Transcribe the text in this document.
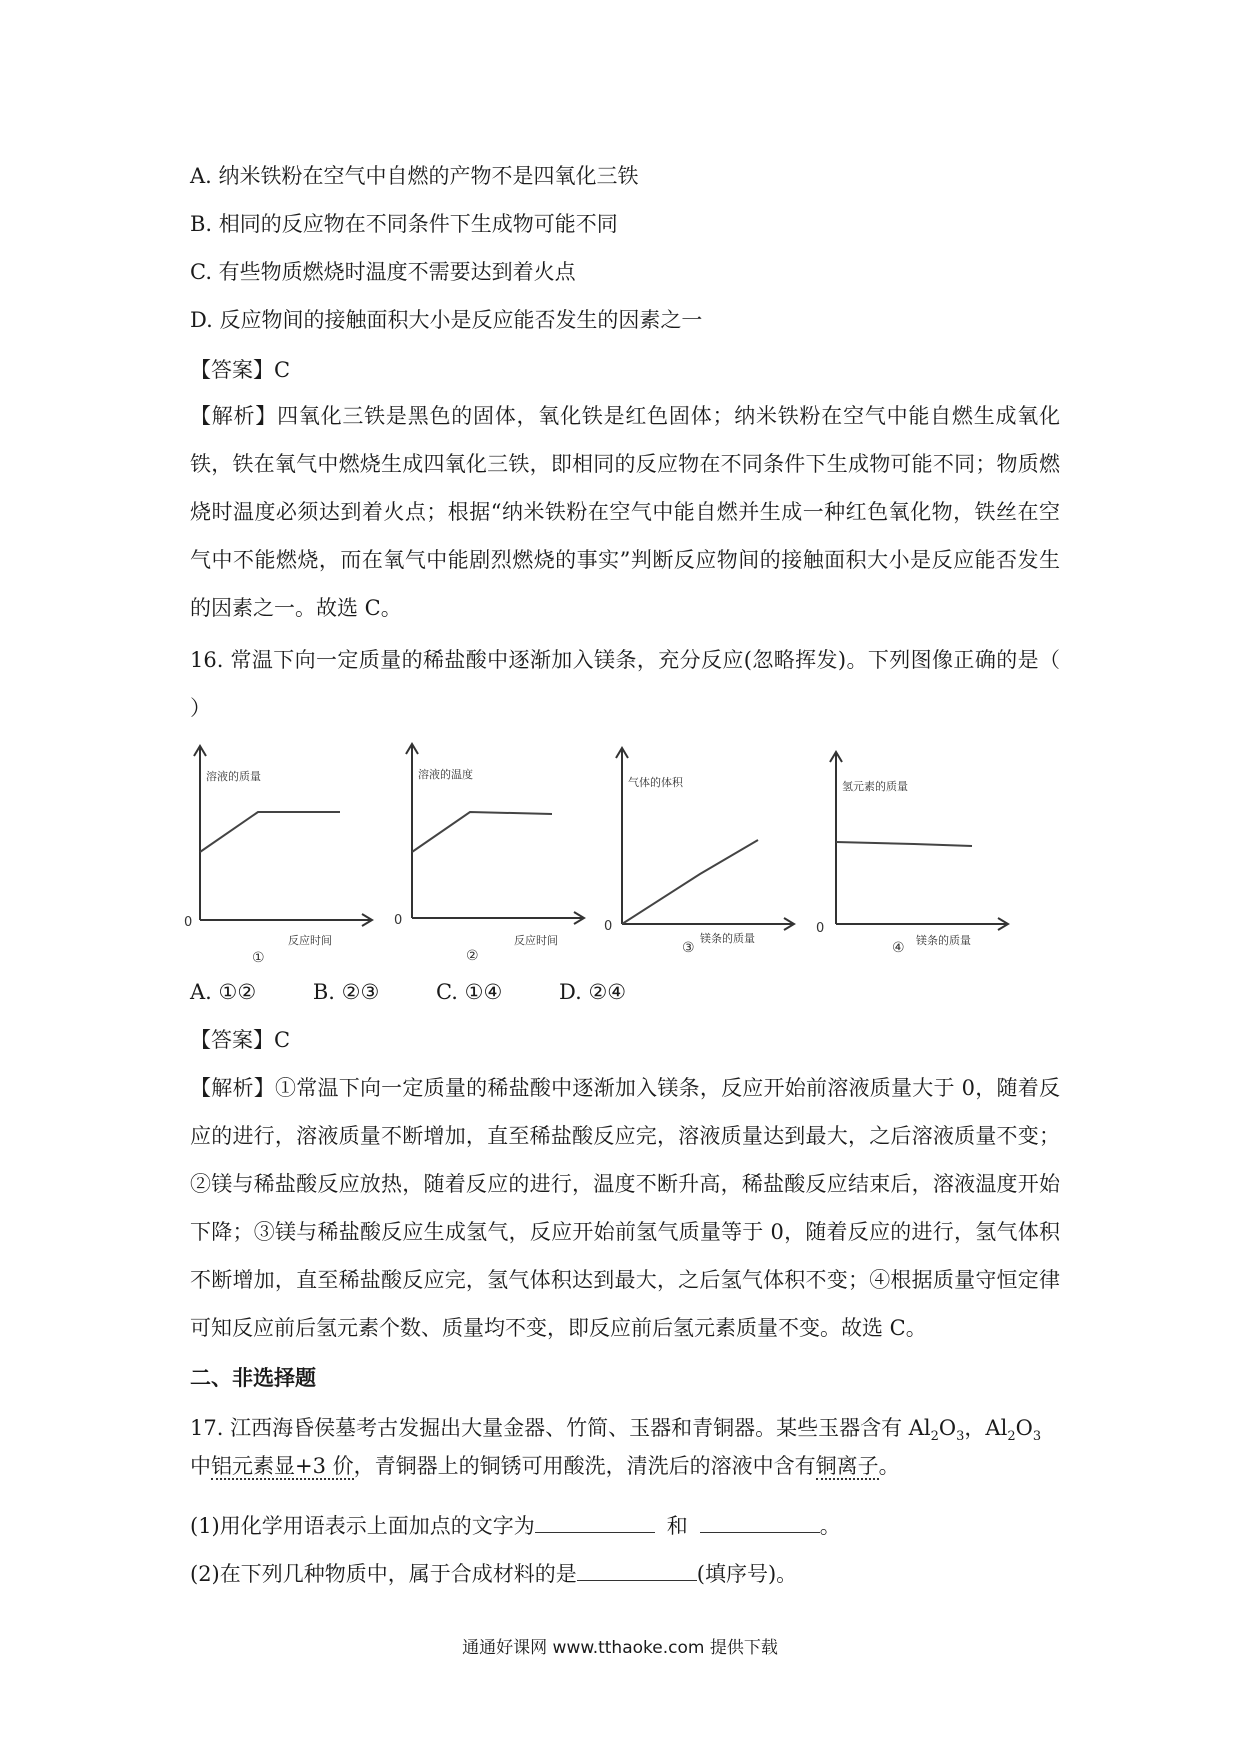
A. 纳米铁粉在空气中自燃的产物不是四氧化三铁
B. 相同的反应物在不同条件下生成物可能不同
C. 有些物质燃烧时温度不需要达到着火点
D. 反应物间的接触面积大小是反应能否发生的因素之一
【答案】C
【解析】四氧化三铁是黑色的固体，氧化铁是红色固体；纳米铁粉在空气中能自燃生成氧化铁，铁在氧气中燃烧生成四氧化三铁，即相同的反应物在不同条件下生成物可能不同；物质燃烧时温度必须达到着火点；根据“纳米铁粉在空气中能自燃并生成一种红色氧化物，铁丝在空气中不能燃烧，而在氧气中能剧烈燃烧的事实”判断反应物间的接触面积大小是反应能否发生的因素之一。故选 C。
16. 常温下向一定质量的稀盐酸中逐渐加入镁条，充分反应(忽略挥发)。下列图像正确的是（ ）
溶液的质量
反应时间
0
①
溶液的温度
反应时间
0
②
气体的体积
镁条的质量
0
③
氢元素的质量
镁条的质量
0
④
A. ①②	B. ②③	C. ①④	D. ②④
【答案】C
【解析】①常温下向一定质量的稀盐酸中逐渐加入镁条，反应开始前溶液质量大于 0，随着反应的进行，溶液质量不断增加，直至稀盐酸反应完，溶液质量达到最大，之后溶液质量不变；②镁与稀盐酸反应放热，随着反应的进行，温度不断升高，稀盐酸反应结束后，溶液温度开始下降；③镁与稀盐酸反应生成氢气，反应开始前氢气质量等于 0，随着反应的进行，氢气体积不断增加，直至稀盐酸反应完，氢气体积达到最大，之后氢气体积不变；④根据质量守恒定律可知反应前后氢元素个数、质量均不变，即反应前后氢元素质量不变。故选 C。
二、非选择题
17. 江西海昏侯墓考古发掘出大量金器、竹简、玉器和青铜器。某些玉器含有 $Al_2O_3$，$Al_2O_3$
中铝元素显+3 价，青铜器上的铜锈可用酸洗，清洗后的溶液中含有铜离子。
(1)用化学用语表示上面加点的文字为	和	。
(2)在下列几种物质中，属于合成材料的是	(填序号)。
通通好课网 www.tthaoke.com 提供下载
